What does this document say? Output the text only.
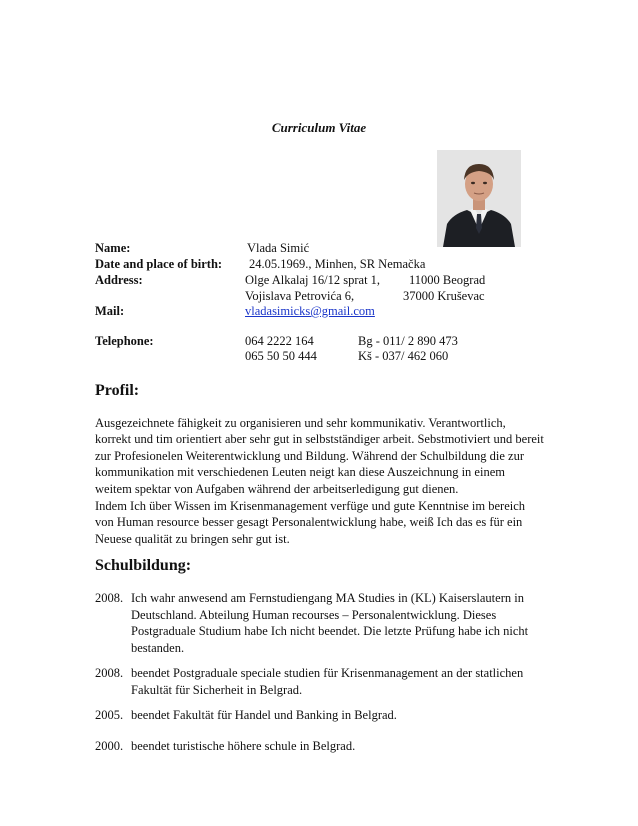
Curriculum Vitae
Name:	Vlada Simić
Date and place of birth: 24.05.1969., Minhen, SR Nemačka
Address:	Olge Alkalaj 16/12 sprat 1, 11000 Beograd
Vojislava Petrovića 6,	37000 Kruševac
Mail:	vladasimicks@gmail.com
Telephone:	064 2222 164	Bg - 011/ 2 890 473
065 50 50 444	Kš - 037/ 462 060
Profil:
Ausgezeichnete fähigkeit zu organisieren und sehr kommunikativ. Verantwortlich,
korrekt und tim orientiert aber sehr gut in selbstständiger arbeit. Sebstmotiviert und bereit
zur Profesionelen Weiterentwicklung und Bildung. Während der Schulbildung die zur
kommunikation mit verschiedenen Leuten neigt kan diese Auszeichnung in einem
weitem spektar von Aufgaben während der arbeitserledigung gut dienen.
Indem Ich über Wissen im Krisenmanagement verfüge und gute Kenntnise im bereich
von Human resource besser gesagt Personalentwicklung habe, weiß Ich das es für ein
Neuese qualität zu bringen sehr gut ist.
Schulbildung:
2008. Ich wahr anwesend am Fernstudiengang MA Studies in (KL) Kaiserslautern in
Deutschland. Abteilung Human recourses – Personalentwicklung. Dieses
Postgraduale Studium habe Ich nicht beendet. Die letzte Prüfung habe ich nicht
bestanden.
2008. beendet Postgraduale speciale studien für Krisenmanagement an der statlichen
Fakultät für Sicherheit in Belgrad.
2005. beendet Fakultät für Handel und Banking in Belgrad.
2000. beendet turistische höhere schule in Belgrad.
